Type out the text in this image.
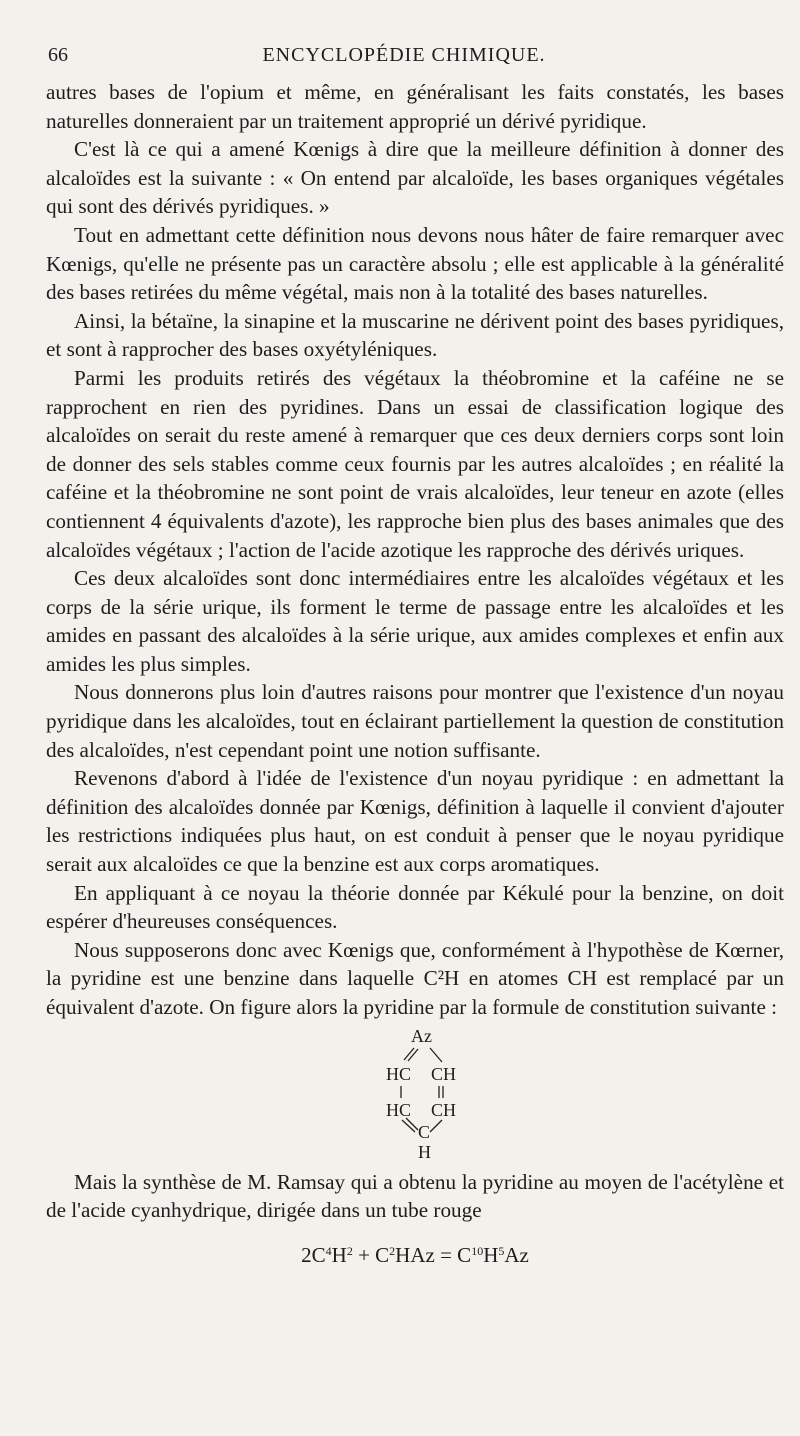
66	ENCYCLOPÉDIE CHIMIQUE.

autres bases de l'opium et même, en généralisant les faits constatés, les bases naturelles donneraient par un traitement approprié un dérivé pyridique.

C'est là ce qui a amené Kœnigs à dire que la meilleure définition à donner des alcaloïdes est la suivante : « On entend par alcaloïde, les bases organiques végétales qui sont des dérivés pyridiques. »

Tout en admettant cette définition nous devons nous hâter de faire remarquer avec Kœnigs, qu'elle ne présente pas un caractère absolu ; elle est applicable à la généralité des bases retirées du même végétal, mais non à la totalité des bases naturelles.

Ainsi, la bétaïne, la sinapine et la muscarine ne dérivent point des bases pyridiques, et sont à rapprocher des bases oxyétyléniques.

Parmi les produits retirés des végétaux la théobromine et la caféine ne se rapprochent en rien des pyridines. Dans un essai de classification logique des alcaloïdes on serait du reste amené à remarquer que ces deux derniers corps sont loin de donner des sels stables comme ceux fournis par les autres alcaloïdes ; en réalité la caféine et la théobromine ne sont point de vrais alcaloïdes, leur teneur en azote (elles contiennent 4 équivalents d'azote), les rapproche bien plus des bases animales que des alcaloïdes végétaux ; l'action de l'acide azotique les rapproche des dérivés uriques.

Ces deux alcaloïdes sont donc intermédiaires entre les alcaloïdes végétaux et les corps de la série urique, ils forment le terme de passage entre les alcaloïdes et les amides en passant des alcaloïdes à la série urique, aux amides complexes et enfin aux amides les plus simples.

Nous donnerons plus loin d'autres raisons pour montrer que l'existence d'un noyau pyridique dans les alcaloïdes, tout en éclairant partiellement la question de constitution des alcaloïdes, n'est cependant point une notion suffisante.

Revenons d'abord à l'idée de l'existence d'un noyau pyridique : en admettant la définition des alcaloïdes donnée par Kœnigs, définition à laquelle il convient d'ajouter les restrictions indiquées plus haut, on est conduit à penser que le noyau pyridique serait aux alcaloïdes ce que la benzine est aux corps aromatiques.

En appliquant à ce noyau la théorie donnée par Kékulé pour la benzine, on doit espérer d'heureuses conséquences.

Nous supposerons donc avec Kœnigs que, conformément à l'hypothèse de Kœrner, la pyridine est une benzine dans laquelle C²H en atomes CH est remplacé par un équivalent d'azote. On figure alors la pyridine par la formule de constitution suivante :

Az
HC CH
HC CH
C
H

Mais la synthèse de M. Ramsay qui a obtenu la pyridine au moyen de l'acétylène et de l'acide cyanhydrique, dirigée dans un tube rouge

$2C^4H^2 + C^2HAz = C^{10}H^5Az$
